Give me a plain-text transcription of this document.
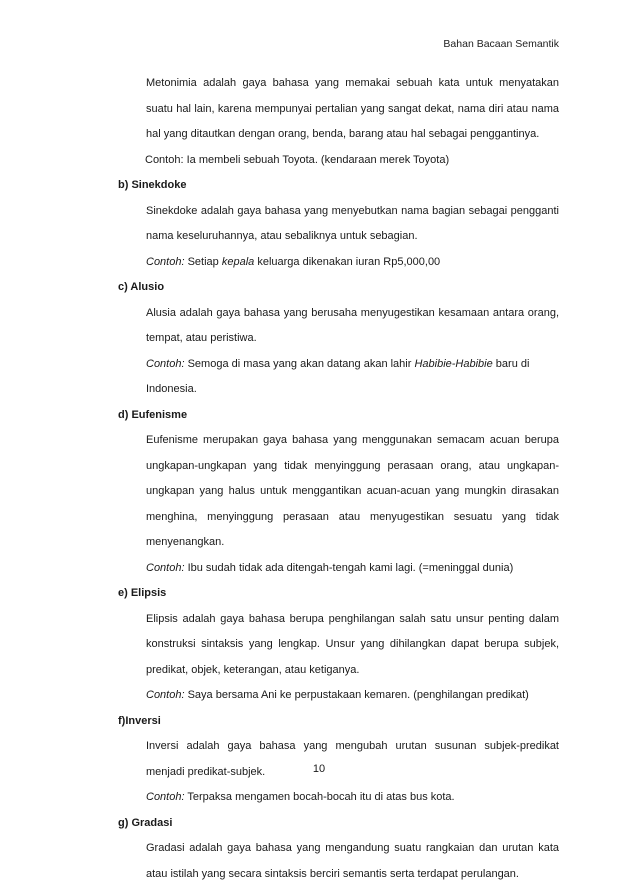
Bahan Bacaan Semantik

Metonimia adalah gaya bahasa yang memakai sebuah kata untuk menyatakan suatu hal lain, karena mempunyai pertalian yang sangat dekat, nama diri atau nama hal yang ditautkan dengan orang, benda, barang atau hal sebagai penggantinya.

Contoh: Ia membeli sebuah Toyota. (kendaraan merek Toyota)

b) Sinekdoke

Sinekdoke adalah gaya bahasa yang menyebutkan nama bagian sebagai pengganti nama keseluruhannya, atau sebaliknya untuk sebagian.

Contoh: Setiap kepala keluarga dikenakan iuran Rp5,000,00

c) Alusio

Alusia adalah gaya bahasa yang berusaha menyugestikan kesamaan antara orang, tempat, atau peristiwa.

Contoh: Semoga di masa yang akan datang akan lahir Habibie-Habibie baru di Indonesia.

d) Eufenisme

Eufenisme merupakan gaya bahasa yang menggunakan semacam acuan berupa ungkapan-ungkapan yang tidak menyinggung perasaan orang, atau ungkapan-ungkapan yang halus untuk menggantikan acuan-acuan yang mungkin dirasakan menghina, menyinggung perasaan atau menyugestikan sesuatu yang tidak menyenangkan.

Contoh: Ibu sudah tidak ada ditengah-tengah kami lagi. (=meninggal dunia)

e) Elipsis

Elipsis adalah gaya bahasa berupa penghilangan salah satu unsur penting dalam konstruksi sintaksis yang lengkap. Unsur yang dihilangkan dapat berupa subjek, predikat, objek, keterangan, atau ketiganya.

Contoh: Saya bersama Ani ke perpustakaan kemaren. (penghilangan predikat)

f)Inversi

Inversi adalah gaya bahasa yang mengubah urutan susunan subjek-predikat menjadi predikat-subjek.

Contoh: Terpaksa mengamen bocah-bocah itu di atas bus kota.

g) Gradasi

Gradasi adalah gaya bahasa yang mengandung suatu rangkaian dan urutan kata atau istilah yang secara sintaksis berciri semantis serta terdapat perulangan.

10
